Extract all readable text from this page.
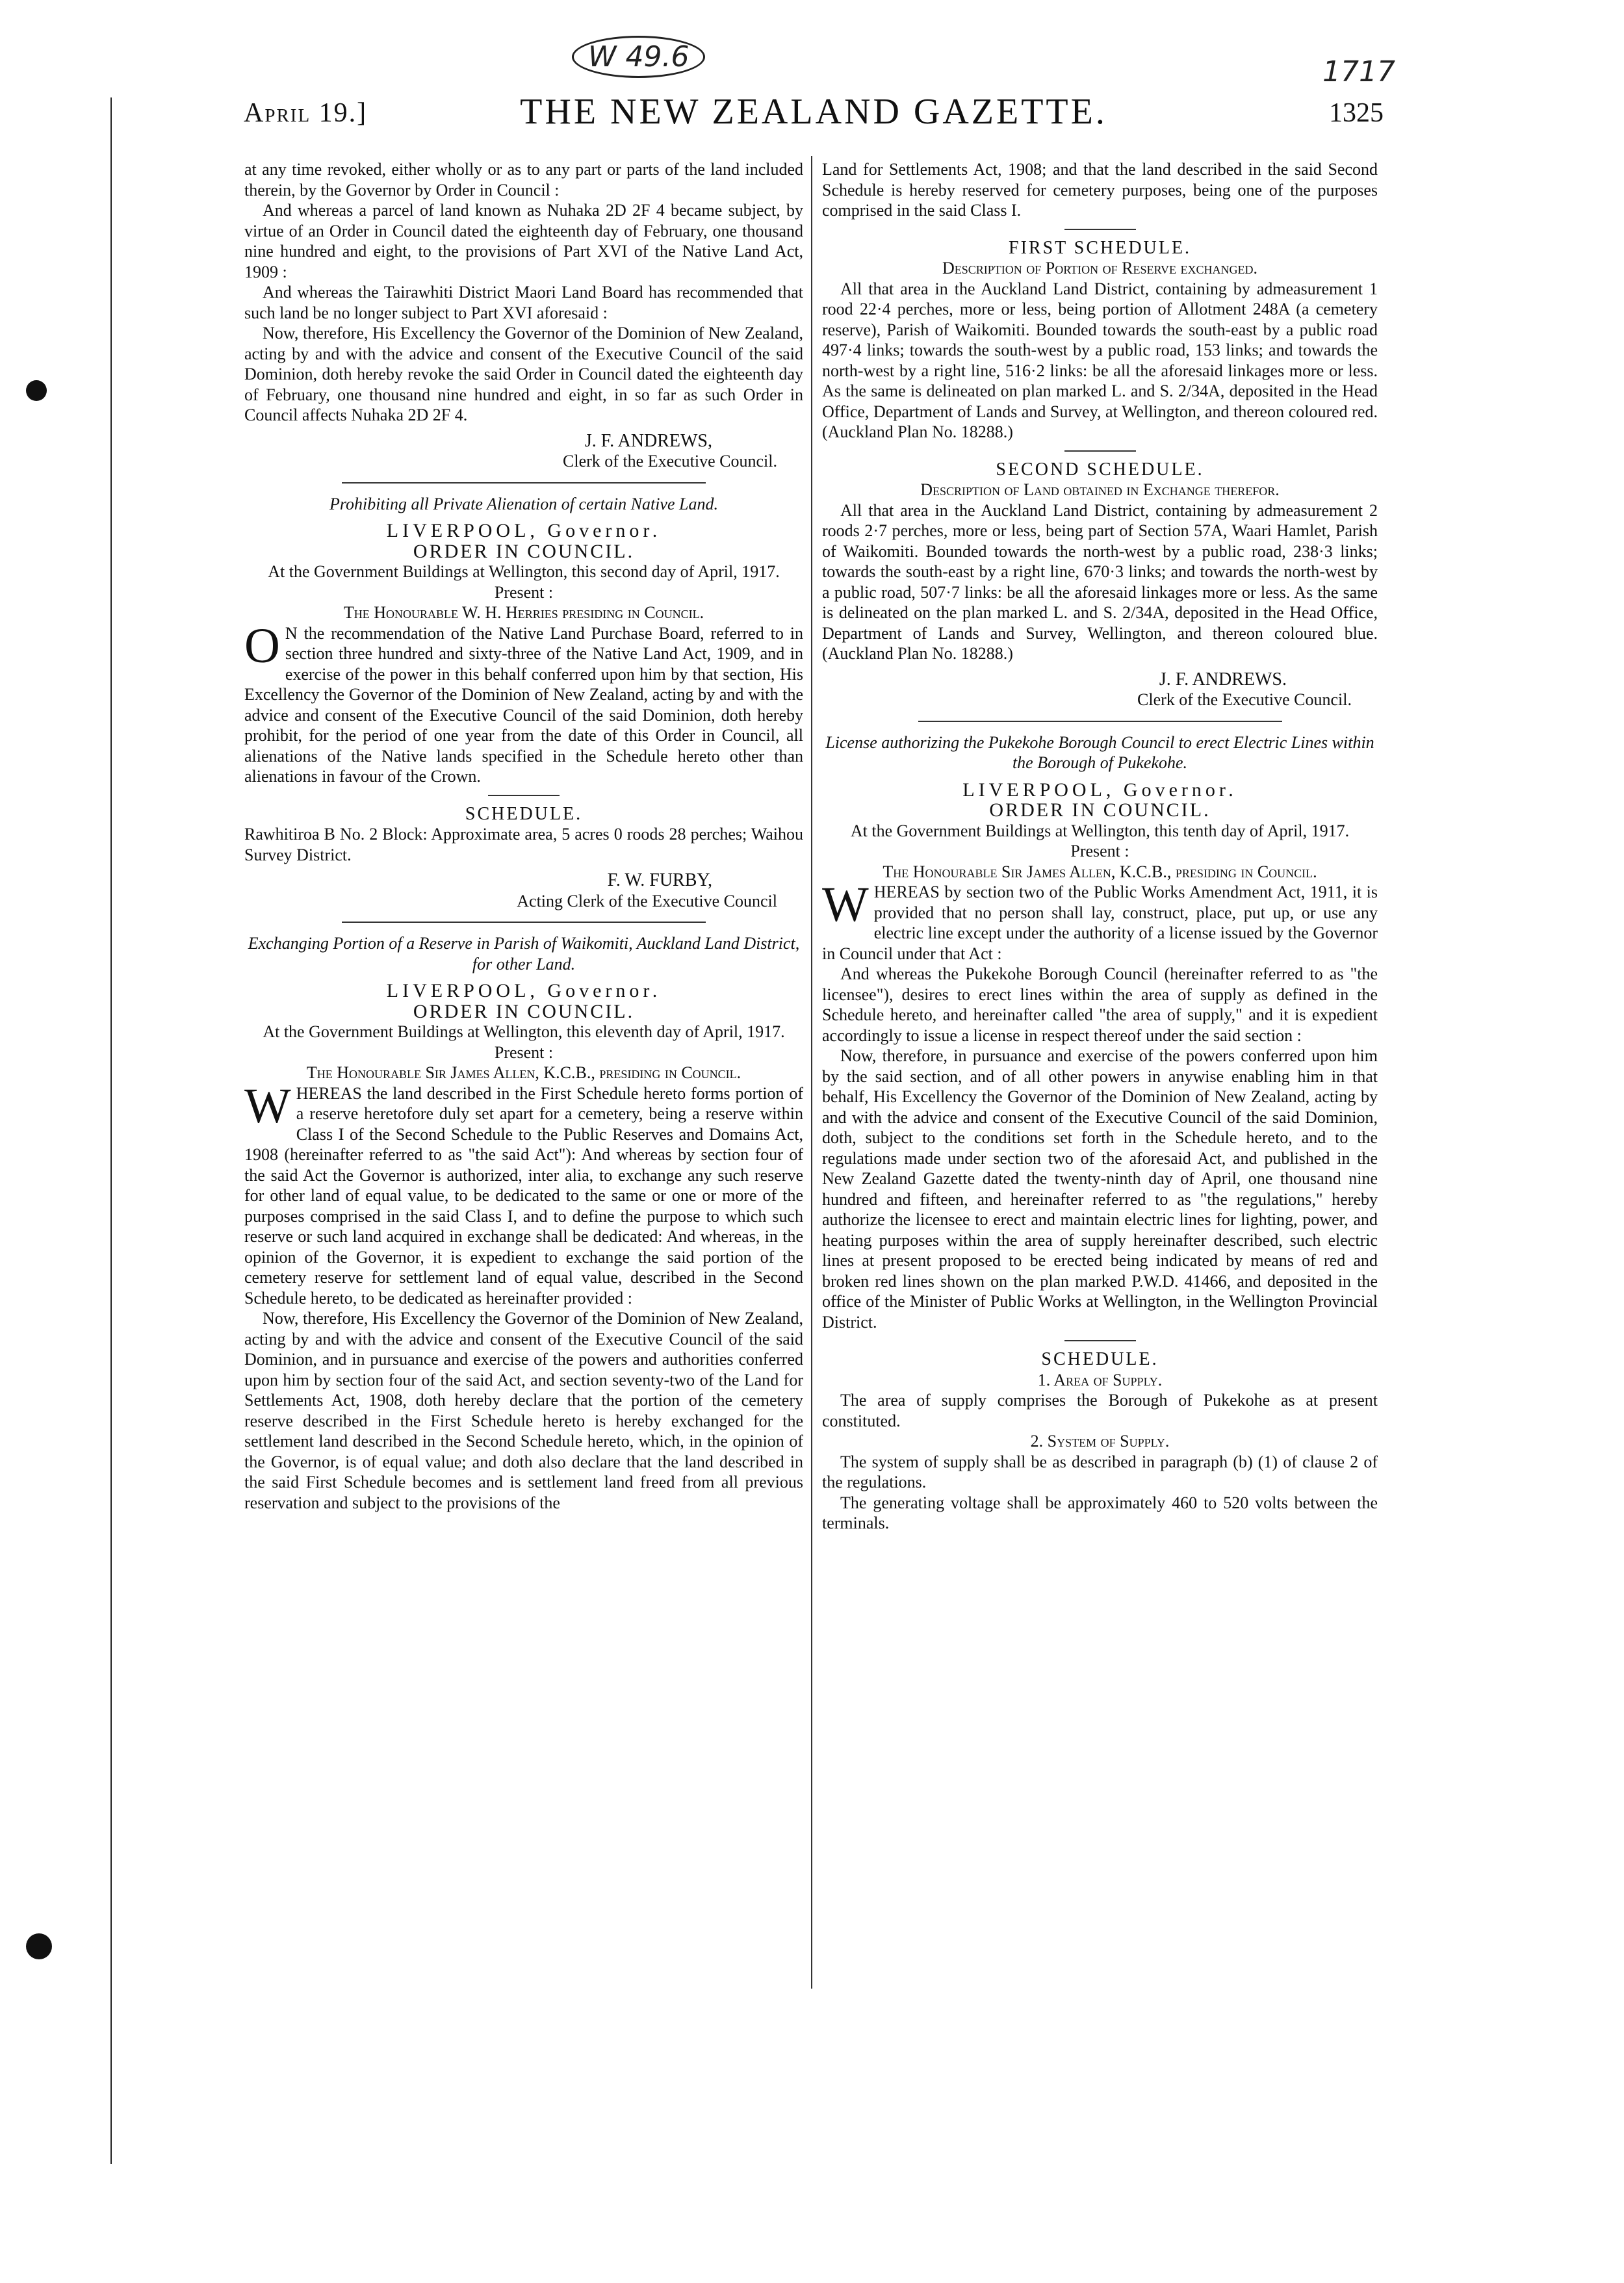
W 49.6	1717
April 19.]	THE NEW ZEALAND GAZETTE.	1325

at any time revoked, either wholly or as to any part or parts of the land included therein, by the Governor by Order in Council :

And whereas a parcel of land known as Nuhaka 2D 2F 4 became subject, by virtue of an Order in Council dated the eighteenth day of February, one thousand nine hundred and eight, to the provisions of Part XVI of the Native Land Act, 1909 :

And whereas the Tairawhiti District Maori Land Board has recommended that such land be no longer subject to Part XVI aforesaid :

Now, therefore, His Excellency the Governor of the Dominion of New Zealand, acting by and with the advice and consent of the Executive Council of the said Dominion, doth hereby revoke the said Order in Council dated the eighteenth day of February, one thousand nine hundred and eight, in so far as such Order in Council affects Nuhaka 2D 2F 4.

J. F. ANDREWS,
Clerk of the Executive Council.

Prohibiting all Private Alienation of certain Native Land.

LIVERPOOL, Governor.
ORDER IN COUNCIL.

At the Government Buildings at Wellington, this second day of April, 1917.

Present :

The Honourable W. H. Herries presiding in Council.

O N the recommendation of the Native Land Purchase Board, referred to in section three hundred and sixty-three of the Native Land Act, 1909, and in exercise of the power in this behalf conferred upon him by that section, His Excellency the Governor of the Dominion of New Zealand, acting by and with the advice and consent of the Executive Council of the said Dominion, doth hereby prohibit, for the period of one year from the date of this Order in Council, all alienations of the Native lands specified in the Schedule hereto other than alienations in favour of the Crown.

SCHEDULE.

Rawhitiroa B No. 2 Block: Approximate area, 5 acres 0 roods 28 perches; Waihou Survey District.

F. W. FURBY,
Acting Clerk of the Executive Council

Exchanging Portion of a Reserve in Parish of Waikomiti, Auckland Land District, for other Land.

LIVERPOOL, Governor.
ORDER IN COUNCIL.

At the Government Buildings at Wellington, this eleventh day of April, 1917.

Present :

The Honourable Sir James Allen, K.C.B., presiding in Council.

WHEREAS the land described in the First Schedule hereto forms portion of a reserve heretofore duly set apart for a cemetery, being a reserve within Class I of the Second Schedule to the Public Reserves and Domains Act, 1908 (hereinafter referred to as "the said Act"): And whereas by section four of the said Act the Governor is authorized, inter alia, to exchange any such reserve for other land of equal value, to be dedicated to the same or one or more of the purposes comprised in the said Class I, and to define the purpose to which such reserve or such land acquired in exchange shall be dedicated: And whereas, in the opinion of the Governor, it is expedient to exchange the said portion of the cemetery reserve for settlement land of equal value, described in the Second Schedule hereto, to be dedicated as hereinafter provided :

Now, therefore, His Excellency the Governor of the Dominion of New Zealand, acting by and with the advice and consent of the Executive Council of the said Dominion, and in pursuance and exercise of the powers and authorities conferred upon him by section four of the said Act, and section seventy-two of the Land for Settlements Act, 1908, doth hereby declare that the portion of the cemetery reserve described in the First Schedule hereto is hereby exchanged for the settlement land described in the Second Schedule hereto, which, in the opinion of the Governor, is of equal value; and doth also declare that the land described in the said First Schedule becomes and is settlement land freed from all previous reservation and subject to the provisions of the

Land for Settlements Act, 1908; and that the land described in the said Second Schedule is hereby reserved for cemetery purposes, being one of the purposes comprised in the said Class I.

FIRST SCHEDULE.

Description of Portion of Reserve exchanged.

All that area in the Auckland Land District, containing by admeasurement 1 rood 22·4 perches, more or less, being portion of Allotment 248A (a cemetery reserve), Parish of Waikomiti. Bounded towards the south-east by a public road 497·4 links; towards the south-west by a public road, 153 links; and towards the north-west by a right line, 516·2 links: be all the aforesaid linkages more or less. As the same is delineated on plan marked L. and S. 2/34A, deposited in the Head Office, Department of Lands and Survey, at Wellington, and thereon coloured red. (Auckland Plan No. 18288.)

SECOND SCHEDULE.

Description of Land obtained in Exchange therefor.

All that area in the Auckland Land District, containing by admeasurement 2 roods 2·7 perches, more or less, being part of Section 57A, Waari Hamlet, Parish of Waikomiti. Bounded towards the north-west by a public road, 238·3 links; towards the south-east by a right line, 670·3 links; and towards the north-west by a public road, 507·7 links: be all the aforesaid linkages more or less. As the same is delineated on the plan marked L. and S. 2/34A, deposited in the Head Office, Department of Lands and Survey, Wellington, and thereon coloured blue. (Auckland Plan No. 18288.)

J. F. ANDREWS.
Clerk of the Executive Council.

License authorizing the Pukekohe Borough Council to erect Electric Lines within the Borough of Pukekohe.

LIVERPOOL, Governor.
ORDER IN COUNCIL.

At the Government Buildings at Wellington, this tenth day of April, 1917.

Present :

The Honourable Sir James Allen, K.C.B., presiding in Council.

WHEREAS by section two of the Public Works Amendment Act, 1911, it is provided that no person shall lay, construct, place, put up, or use any electric line except under the authority of a license issued by the Governor in Council under that Act :

And whereas the Pukekohe Borough Council (hereinafter referred to as "the licensee"), desires to erect lines within the area of supply as defined in the Schedule hereto, and hereinafter called "the area of supply," and it is expedient accordingly to issue a license in respect thereof under the said section :

Now, therefore, in pursuance and exercise of the powers conferred upon him by the said section, and of all other powers in anywise enabling him in that behalf, His Excellency the Governor of the Dominion of New Zealand, acting by and with the advice and consent of the Executive Council of the said Dominion, doth, subject to the conditions set forth in the Schedule hereto, and to the regulations made under section two of the aforesaid Act, and published in the New Zealand Gazette dated the twenty-ninth day of April, one thousand nine hundred and fifteen, and hereinafter referred to as "the regulations," hereby authorize the licensee to erect and maintain electric lines for lighting, power, and heating purposes within the area of supply hereinafter described, such electric lines at present proposed to be erected being indicated by means of red and broken red lines shown on the plan marked P.W.D. 41466, and deposited in the office of the Minister of Public Works at Wellington, in the Wellington Provincial District.

SCHEDULE.

1. Area of Supply.

The area of supply comprises the Borough of Pukekohe as at present constituted.

2. System of Supply.

The system of supply shall be as described in paragraph (b) (1) of clause 2 of the regulations.

The generating voltage shall be approximately 460 to 520 volts between the terminals.
